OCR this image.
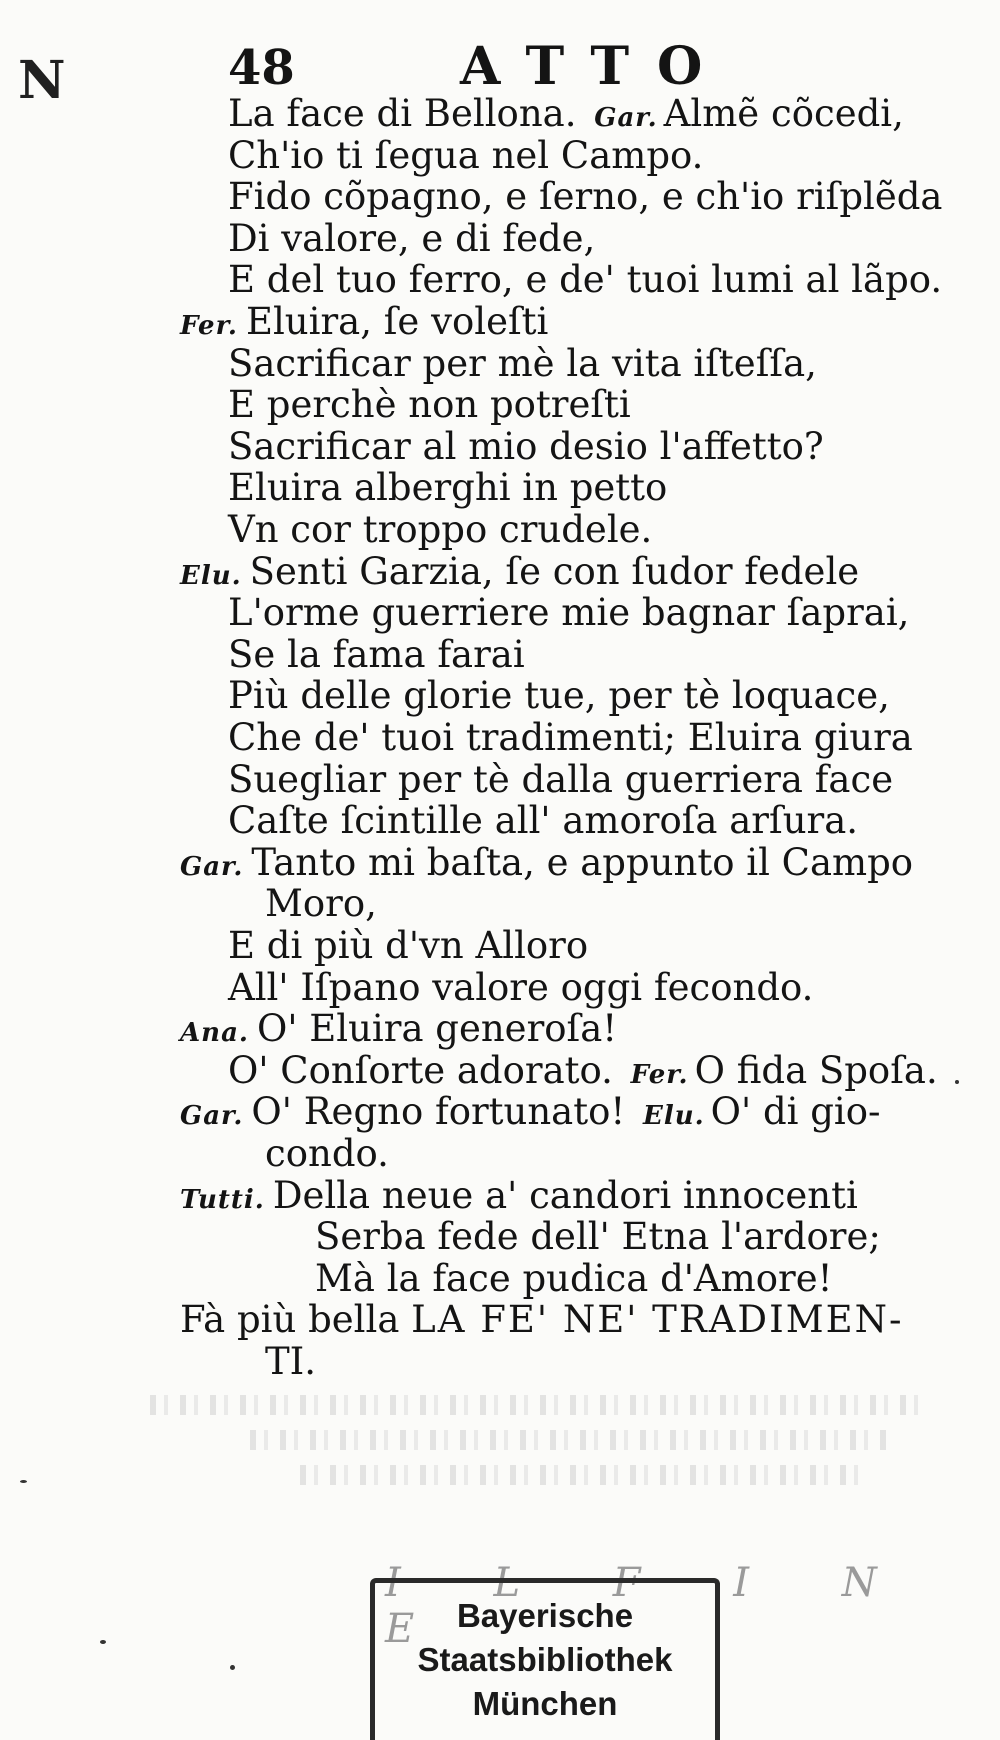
N	48	ATTO
La face di Bellona. Gar. Almẽ cõcedi,
Ch'io ti ſegua nel Campo.
Fido cõpagno, e ſerno, e ch'io riſplẽda
Di valore, e di fede,
E del tuo ferro, e de' tuoi lumi al lãpo.
Fer. Eluira, ſe voleſti
Sacrificar per mè la vita iſteſſa,
E perchè non potreſti
Sacrificar al mio desio l'affetto?
Eluira alberghi in petto
Vn cor troppo crudele.
Elu. Senti Garzia, ſe con ſudor fedele
L'orme guerriere mie bagnar ſaprai,
Se la fama farai
Più delle glorie tue, per tè loquace,
Che de' tuoi tradimenti; Eluira giura
Suegliar per tè dalla guerriera face
Caſte ſcintille all' amoroſa arſura.
Gar. Tanto mi baſta, e appunto il Campo
Moro,
E di più d'vn Alloro
All' Iſpano valore oggi fecondo.
Ana. O' Eluira generoſa!
O' Conſorte adorato. Fer. O fida Spoſa.
Gar. O' Regno fortunato! Elu. O' di gio-
condo.
Tutti. Della neue a' candori innocenti
Serba fede dell' Etna l'ardore;
Mà la face pudica d'Amore!
Fà più bella LA FE' NE' TRADIMEN-
TI.
I L F I N E Bayerische
Staatsbibliothek
München
